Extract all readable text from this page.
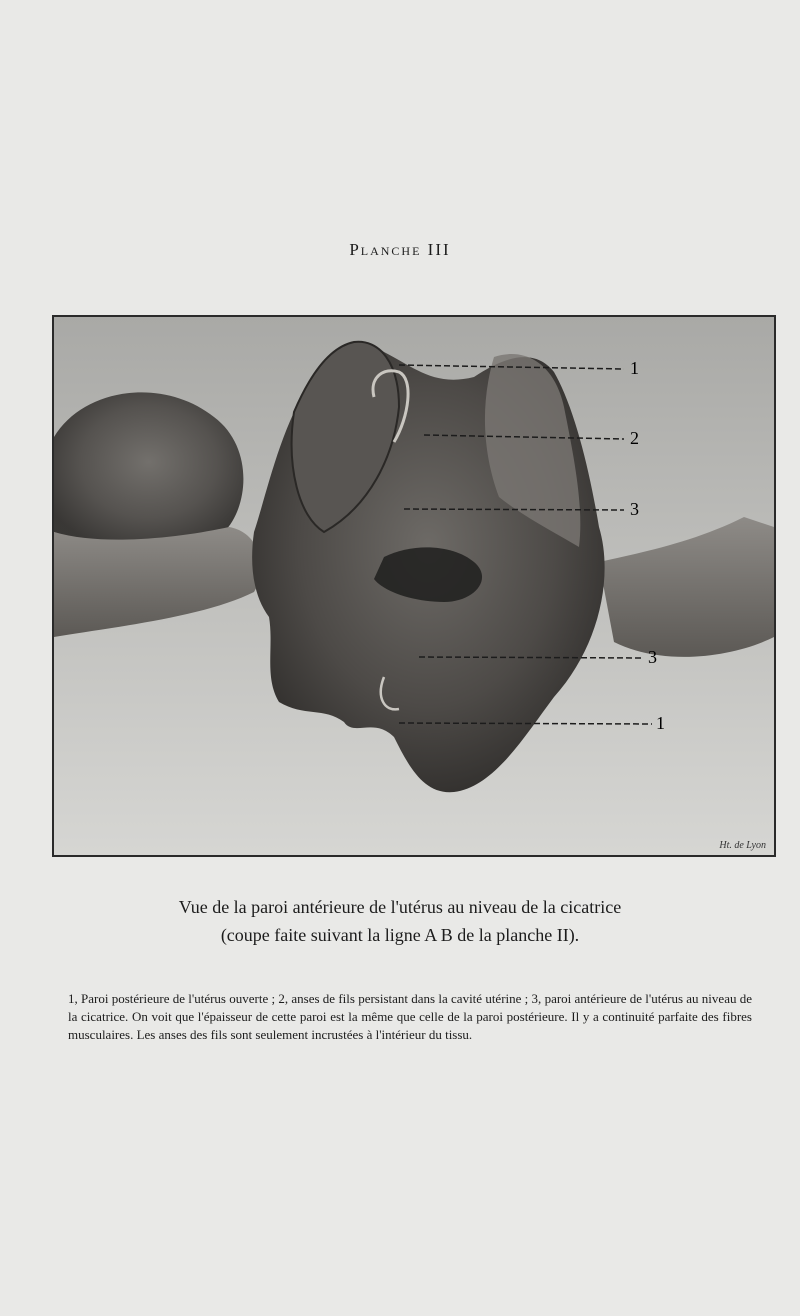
Planche III
1
2
3
3
1
Ht. de Lyon
Vue de la paroi antérieure de l'utérus au niveau de la cicatrice
(coupe faite suivant la ligne A B de la planche II).
1, Paroi postérieure de l'utérus ouverte ; 2, anses de fils persistant dans la cavité utérine ; 3, paroi antérieure de l'utérus au niveau de la cicatrice. On voit que l'épaisseur de cette paroi est la même que celle de la paroi postérieure. Il y a continuité parfaite des fibres musculaires. Les anses des fils sont seulement incrustées à l'intérieur du tissu.
